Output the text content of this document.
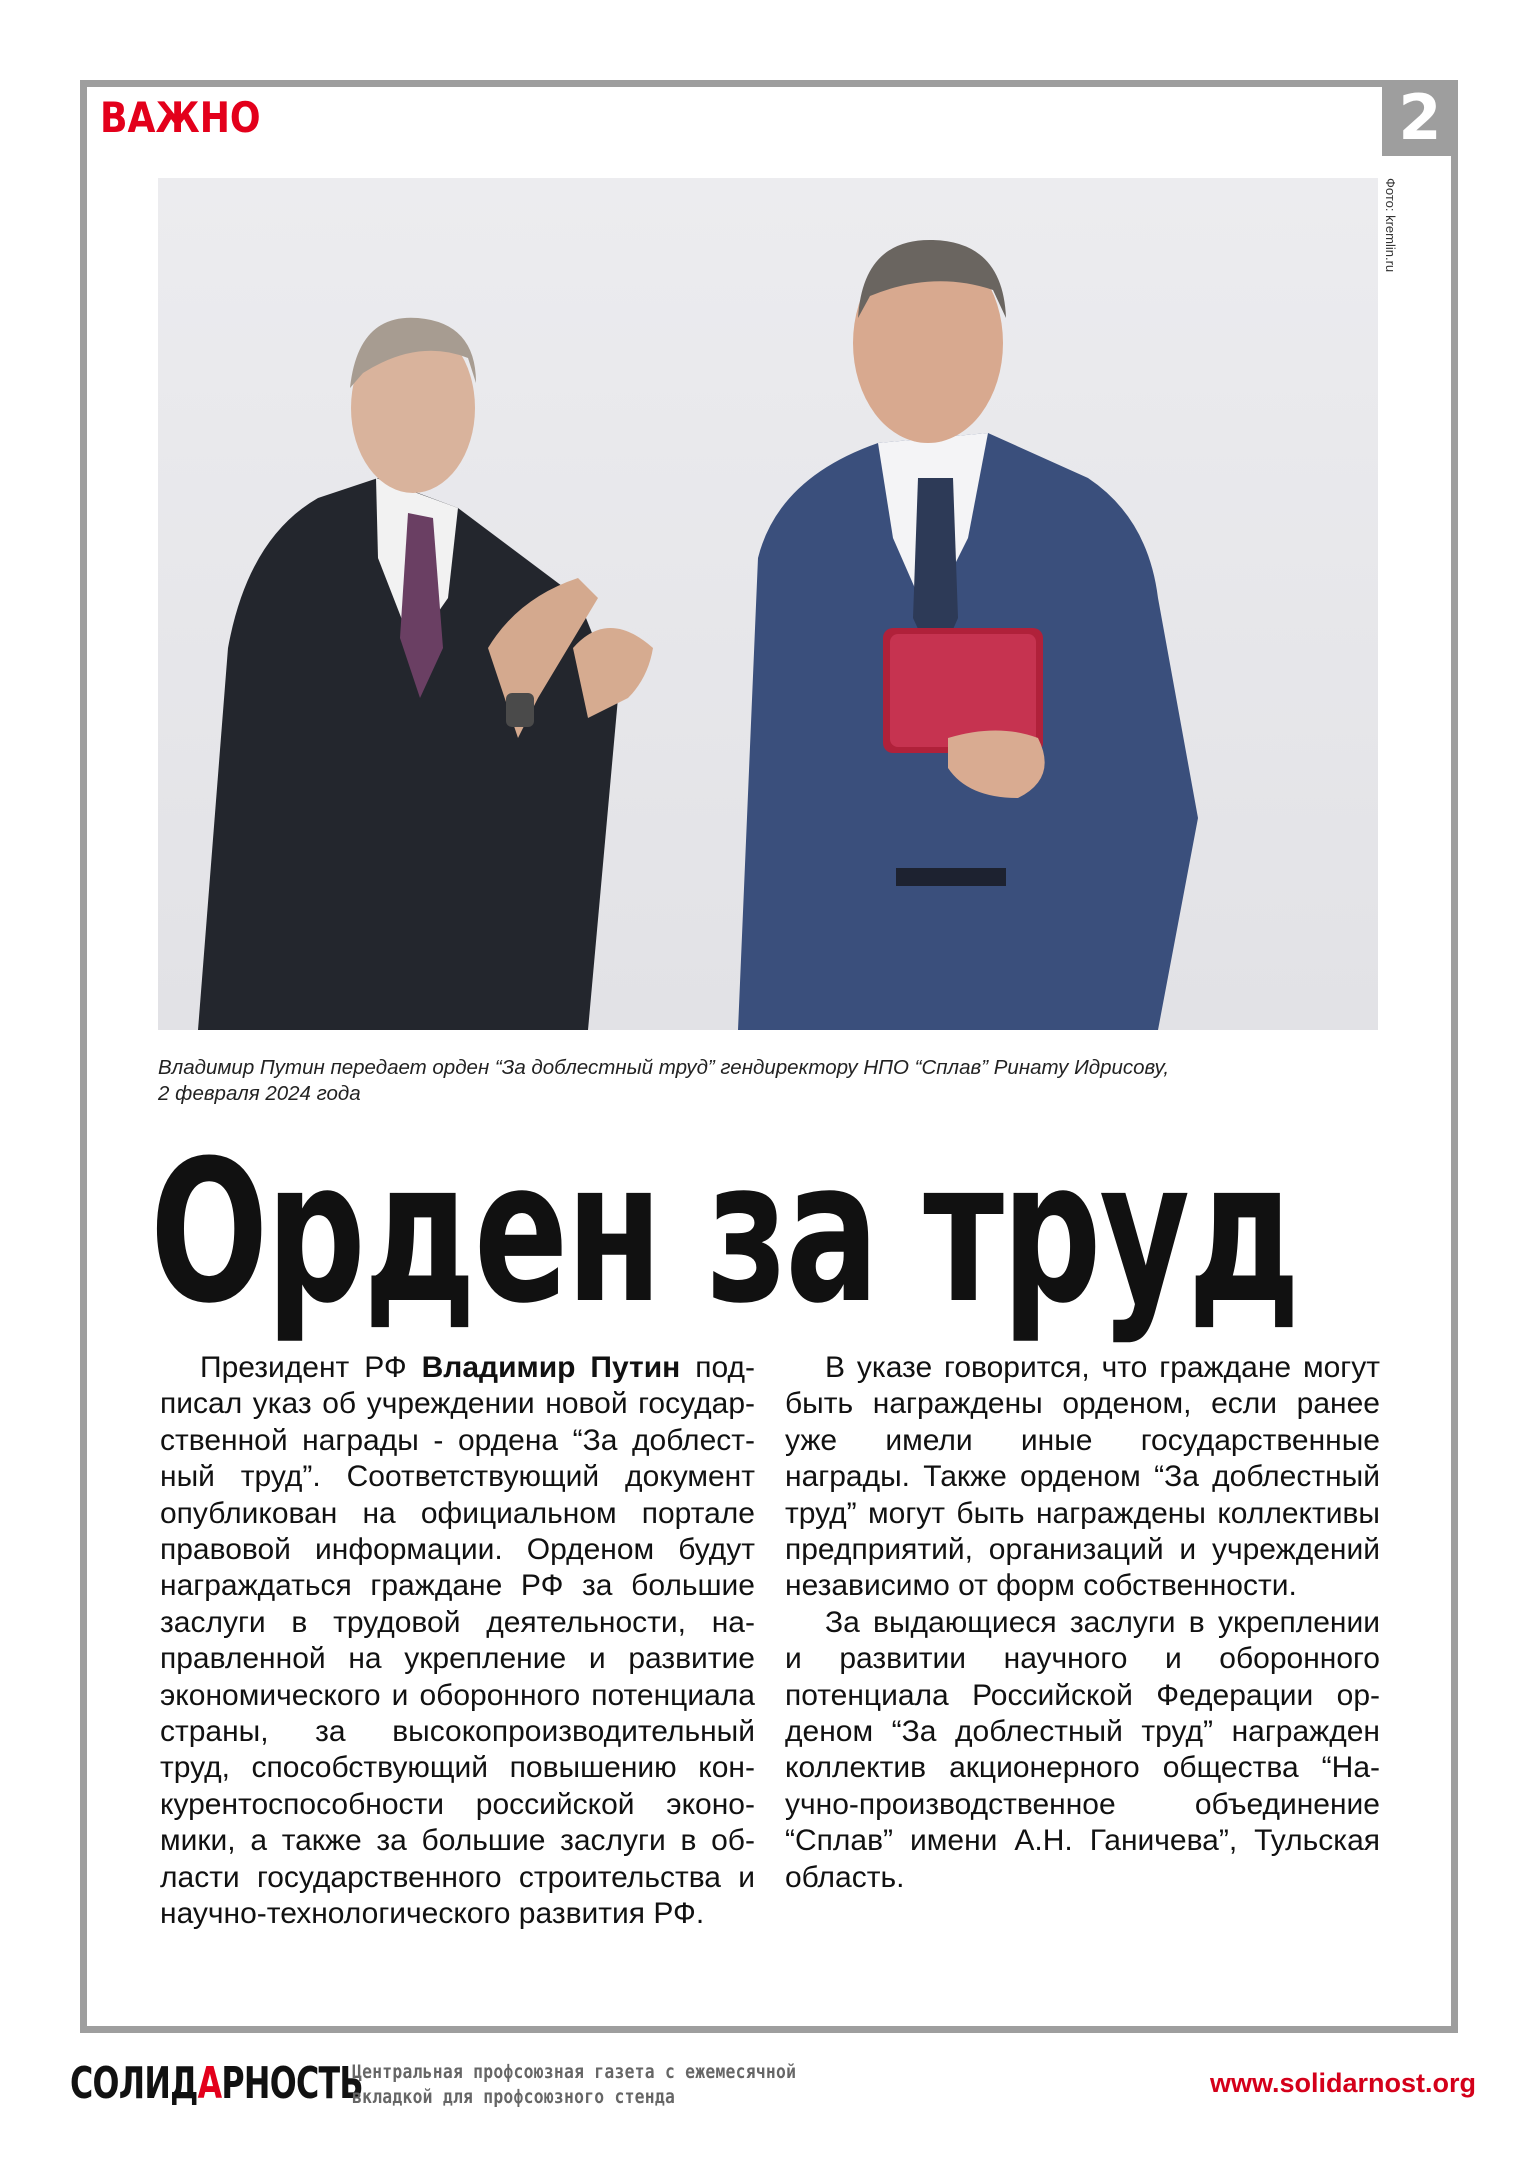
ВАЖНО	2
Фото: kremlin.ru
Владимир Путин передает орден “За доблестный труд” гендиректору НПО “Сплав” Ринату Идрисову,
2 февраля 2024 года
Орден за труд

Президент РФ Владимир Путин подписал указ об учреждении новой государственной награды - ордена “За доблестный труд”. Соответствующий документ опубликован на официальном портале правовой информации. Орденом будут награждаться граждане РФ за большие заслуги в трудовой деятельности, направленной на укрепление и развитие экономического и оборонного потенциала страны, за высокопроизводительный труд, способствующий повышению конкурентоспособности российской экономики, а также за большие заслуги в области государственного строительства и научно-технологического развития РФ.

В указе говорится, что граждане могут быть награждены орденом, если ранее уже имели иные государственные награды. Также орденом “За доблестный труд” могут быть награждены коллективы предприятий, организаций и учреждений независимо от форм собственности.

За выдающиеся заслуги в укреплении и развитии научного и оборонного потенциала Российской Федерации орденом “За доблестный труд” награжден коллектив акционерного общества “Научно-производственное объединение “Сплав” имени А.Н. Ганичева”, Тульская область.

СОЛИДАРНОСТЬ
Центральная профсоюзная газета с ежемесячной
вкладкой для профсоюзного стенда	www.solidarnost.org
